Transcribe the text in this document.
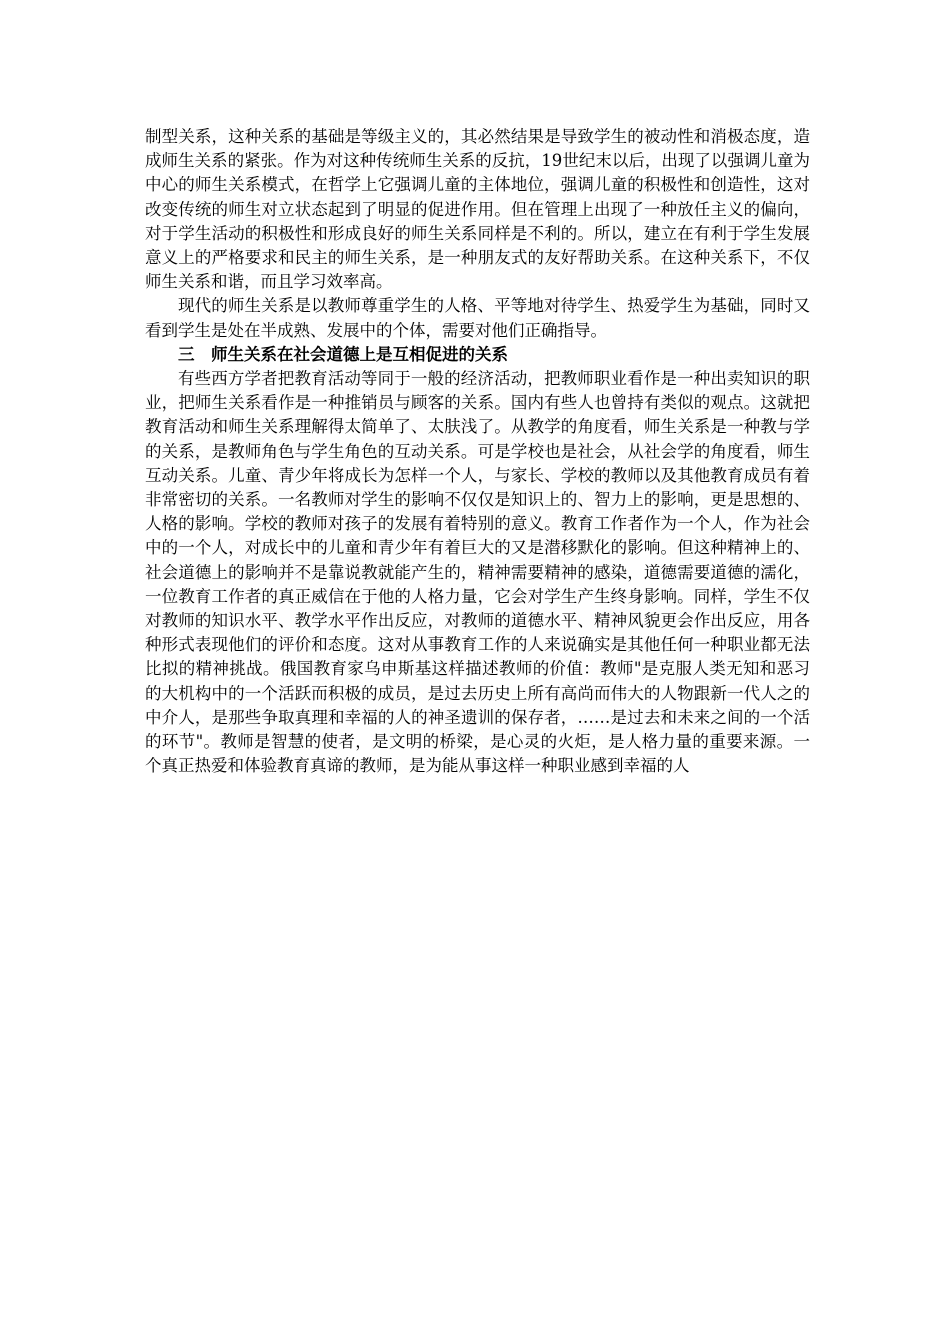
制型关系，这种关系的基础是等级主义的，其必然结果是导致学生的被动性和消极态度，造成师生关系的紧张。作为对这种传统师生关系的反抗，19世纪末以后，出现了以强调儿童为中心的师生关系模式，在哲学上它强调儿童的主体地位，强调儿童的积极性和创造性，这对改变传统的师生对立状态起到了明显的促进作用。但在管理上出现了一种放任主义的偏向，对于学生活动的积极性和形成良好的师生关系同样是不利的。所以，建立在有利于学生发展意义上的严格要求和民主的师生关系，是一种朋友式的友好帮助关系。在这种关系下，不仅师生关系和谐，而且学习效率高。

现代的师生关系是以教师尊重学生的人格、平等地对待学生、热爱学生为基础，同时又看到学生是处在半成熟、发展中的个体，需要对他们正确指导。

三　师生关系在社会道德上是互相促进的关系

有些西方学者把教育活动等同于一般的经济活动，把教师职业看作是一种出卖知识的职业，把师生关系看作是一种推销员与顾客的关系。国内有些人也曾持有类似的观点。这就把教育活动和师生关系理解得太简单了、太肤浅了。从教学的角度看，师生关系是一种教与学的关系，是教师角色与学生角色的互动关系。可是学校也是社会，从社会学的角度看，师生互动关系。儿童、青少年将成长为怎样一个人，与家长、学校的教师以及其他教育成员有着非常密切的关系。一名教师对学生的影响不仅仅是知识上的、智力上的影响，更是思想的、人格的影响。学校的教师对孩子的发展有着特别的意义。教育工作者作为一个人，作为社会中的一个人，对成长中的儿童和青少年有着巨大的又是潜移默化的影响。但这种精神上的、社会道德上的影响并不是靠说教就能产生的，精神需要精神的感染，道德需要道德的濡化，一位教育工作者的真正威信在于他的人格力量，它会对学生产生终身影响。同样，学生不仅对教师的知识水平、教学水平作出反应，对教师的道德水平、精神风貌更会作出反应，用各种形式表现他们的评价和态度。这对从事教育工作的人来说确实是其他任何一种职业都无法比拟的精神挑战。俄国教育家乌申斯基这样描述教师的价值：教师"是克服人类无知和恶习的大机构中的一个活跃而积极的成员，是过去历史上所有高尚而伟大的人物跟新一代人之的中介人，是那些争取真理和幸福的人的神圣遗训的保存者，……是过去和未来之间的一个活的环节"。教师是智慧的使者，是文明的桥梁，是心灵的火炬，是人格力量的重要来源。一个真正热爱和体验教育真谛的教师，是为能从事这样一种职业感到幸福的人
